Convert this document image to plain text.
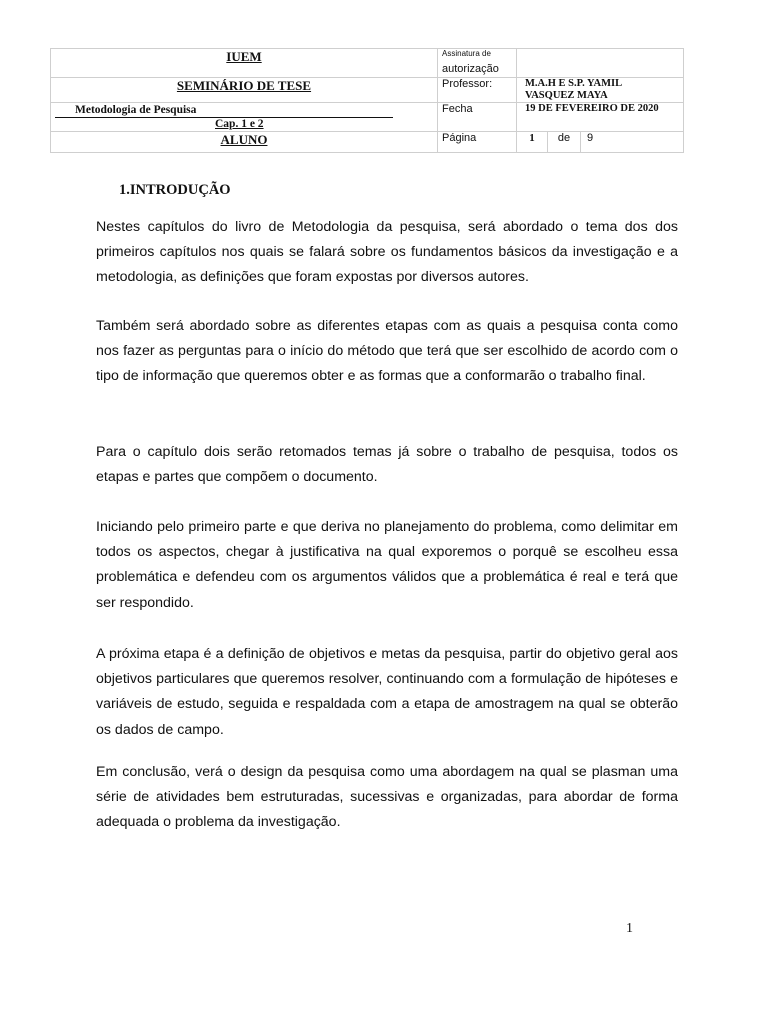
IUEM	Assinatura de
autorização	
SEMINÁRIO DE TESE	Professor:	M.A.H E S.P. YAMIL
VASQUEZ MAYA

Metodologia de Pesquisa
Cap. 1 e 2	Fecha	19 DE FEVEREIRO DE 2020
ALUNO	Página	1 de 9
1.INTRODUÇÃO

Nestes capítulos do livro de Metodologia da pesquisa, será abordado o tema dos dos primeiros capítulos nos quais se falará sobre os fundamentos básicos da investigação e a metodologia, as definições que foram expostas por diversos autores.

Também será abordado sobre as diferentes etapas com as quais a pesquisa conta como nos fazer as perguntas para o início do método que terá que ser escolhido de acordo com o tipo de informação que queremos obter e as formas que a conformarão o trabalho final.

Para o capítulo dois serão retomados temas já sobre o trabalho de pesquisa, todos os etapas e partes que compõem o documento.

Iniciando pelo primeiro parte e que deriva no planejamento do problema, como delimitar em todos os aspectos, chegar à justificativa na qual exporemos o porquê se escolheu essa problemática e defendeu com os argumentos válidos que a problemática é real e terá que ser respondido.

A próxima etapa é a definição de objetivos e metas da pesquisa, partir do objetivo geral aos objetivos particulares que queremos resolver, continuando com a formulação de hipóteses e variáveis de estudo, seguida e respaldada com a etapa de amostragem na qual se obterão os dados de campo.

Em conclusão, verá o design da pesquisa como uma abordagem na qual se plasman uma série de atividades bem estruturadas, sucessivas e organizadas, para abordar de forma adequada o problema da investigação.

1
